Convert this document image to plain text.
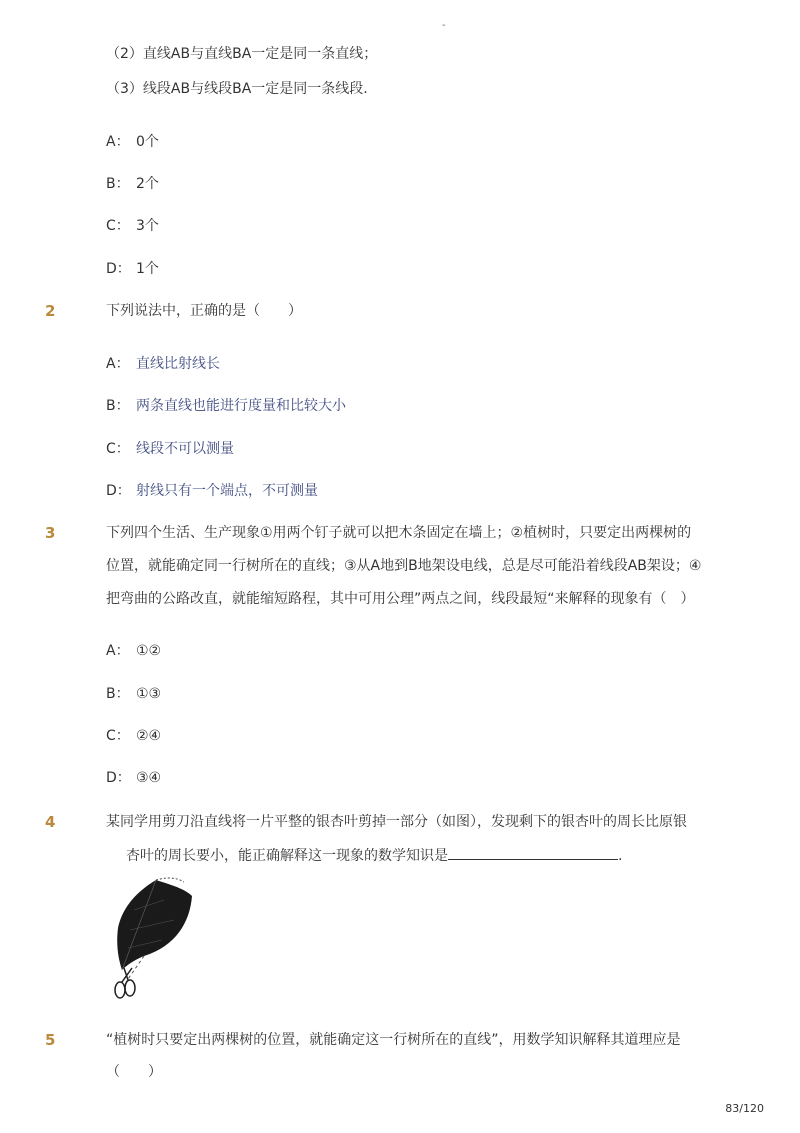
-
（2）直线AB与直线BA一定是同一条直线；
（3）线段AB与线段BA一定是同一条线段.
A： 0个
B： 2个
C： 3个
D： 1个
2	下列说法中，正确的是（　　）
A： 直线比射线长
B： 两条直线也能进行度量和比较大小
C： 线段不可以测量
D： 射线只有一个端点，不可测量
3	下列四个生活、生产现象①用两个钉子就可以把木条固定在墙上；②植树时，只要定出两棵树的
位置，就能确定同一行树所在的直线；③从A地到B地架设电线，总是尽可能沿着线段AB架设；④
把弯曲的公路改直，就能缩短路程，其中可用公理”两点之间，线段最短“来解释的现象有（　）
A： ①②
B： ①③
C： ②④
D： ③④
4	某同学用剪刀沿直线将一片平整的银杏叶剪掉一部分（如图），发现剩下的银杏叶的周长比原银
杏叶的周长要小，能正确解释这一现象的数学知识是	.
5	“植树时只要定出两棵树的位置，就能确定这一行树所在的直线”，用数学知识解释其道理应是
（　　）
83/120
